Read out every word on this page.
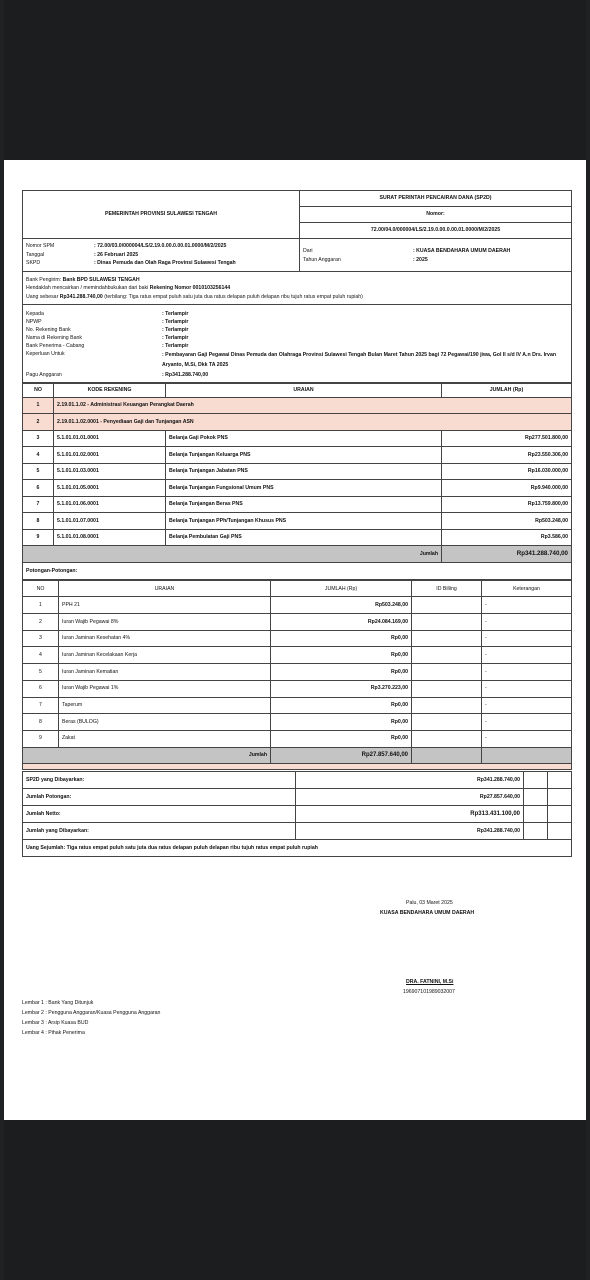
PEMERINTAH PROVINSI SULAWESI TENGAH	SURAT PERINTAH PENCAIRAN DANA (SP2D)
Nomor:
72.00/04.0/000004/LS/2.19.0.00.0.00.01.0000/M/2/2025
Nomor SPM	: 72.00/03.0/000004/LS/2.19.0.00.0.00.01.0000/M/2/2025
Tanggal	: 26 Februari 2025
SKPD	: Dinas Pemuda dan Olah Raga Provinsi Sulawesi Tengah

Dari	: KUASA BENDAHARA UMUM DAERAH
Tahun Anggaran	: 2025
Bank Pengirim: Bank BPD SULAWESI TENGAH
Hendaklah mencairkan / memindahbukukan dari baki Rekening Nomor 0010103256144
Uang sebesar Rp341.288.740,00 (terbilang: Tiga ratus empat puluh satu juta dua ratus delapan puluh delapan ribu tujuh ratus empat puluh rupiah)
Kepada	: Terlampir
NPWP	: Terlampir
No. Rekening Bank	: Terlampir
Nama di Rekening Bank	: Terlampir
Bank Penerima - Cabang	: Terlampir
Keperluan Untuk	: Pembayaran Gaji Pegawai Dinas Pemuda dan Olahraga Provinsi Sulawesi Tengah Bulan Maret Tahun 2025 bagi 72 Pegawai/190 jiwa, Gol II s/d IV A.n Drs. Irvan Aryanto, M.Si, Dkk TA 2025
Pagu Anggaran	: Rp341.288.740,00
NO	KODE REKENING	URAIAN	JUMLAH (Rp)
1	2.19.01.1.02 - Administrasi Keuangan Perangkat Daerah		
2	2.19.01.1.02.0001 - Penyediaan Gaji dan Tunjangan ASN		
3	5.1.01.01.01.0001	Belanja Gaji Pokok PNS	Rp277.501.800,00
4	5.1.01.01.02.0001	Belanja Tunjangan Keluarga PNS	Rp23.550.306,00
5	5.1.01.01.03.0001	Belanja Tunjangan Jabatan PNS	Rp16.030.000,00
6	5.1.01.01.05.0001	Belanja Tunjangan Fungsional Umum PNS	Rp9.940.000,00
7	5.1.01.01.06.0001	Belanja Tunjangan Beras PNS	Rp13.759.800,00
8	5.1.01.01.07.0001	Belanja Tunjangan PPh/Tunjangan Khusus PNS	Rp503.248,00
9	5.1.01.01.08.0001	Belanja Pembulatan Gaji PNS	Rp3.586,00
Jumlah			Rp341.288.740,00
Potongan-Potongan:
NO	URAIAN	JUMLAH (Rp)	ID Billing	Keterangan
1	PPH 21	Rp503.248,00		-
2	Iuran Wajib Pegawai 8%	Rp24.084.169,00		-
3	Iuran Jaminan Kesehatan 4%	Rp0,00		-
4	Iuran Jaminan Kecelakaan Kerja	Rp0,00		-
5	Iuran Jaminan Kematian	Rp0,00		-
6	Iuran Wajib Pegawai 1%	Rp3.270.223,00		-
7	Taperum	Rp0,00		-
8	Beras (BULOG)	Rp0,00		-
9	Zakat	Rp0,00		-
Jumlah		Rp27.857.640,00		

SP2D yang Dibayarkan:	Rp341.288.740,00		
Jumlah Potongan:	Rp27.857.640,00		
Jumlah Netto:	Rp313.431.100,00		
Jumlah yang Dibayarkan:	Rp341.288.740,00		
Uang Sejumlah: Tiga ratus empat puluh satu juta dua ratus delapan puluh delapan ribu tujuh ratus empat puluh rupiah			
Palu, 03 Maret 2025
KUASA BENDAHARA UMUM DAERAH
DRA. FATNINI, M.Si
196907101989032007
Lembar 1 : Bank Yang Ditunjuk
Lembar 2 : Pengguna Anggaran/Kuasa Pengguna Anggaran
Lembar 3 : Arsip Kuasa BUD
Lembar 4 : Pihak Penerima
